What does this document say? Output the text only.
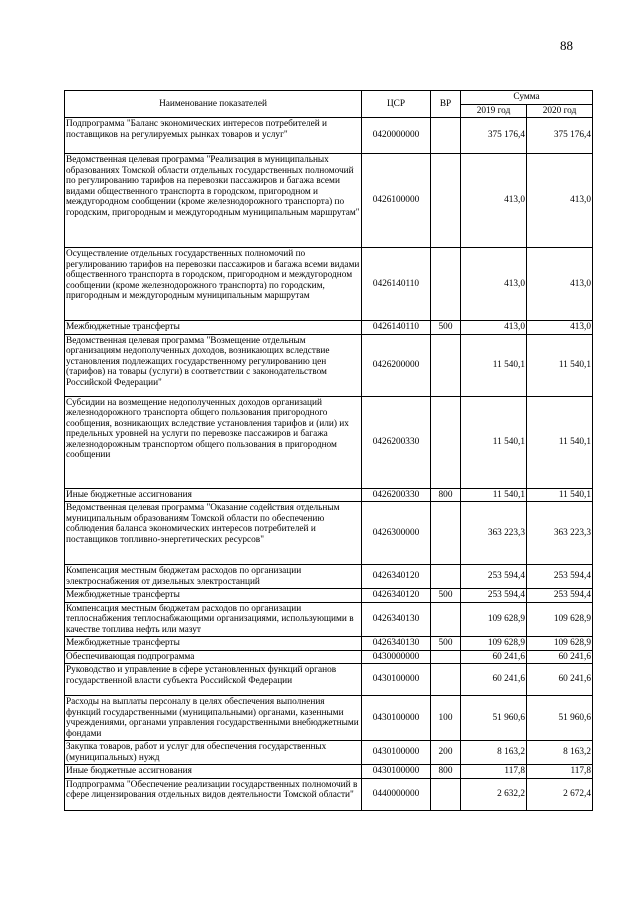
88
Наименование показателей	ЦСР	ВР	Сумма	
			2019 год	2020 год
Подпрограмма "Баланс экономических интересов потребителей и поставщиков на регулируемых рынках товаров и услуг"	0420000000		375 176,4	375 176,4
Ведомственная целевая программа "Реализация в муниципальных образованиях Томской области отдельных государственных полномочий по регулированию тарифов на перевозки пассажиров и багажа всеми видами общественного транспорта в городском, пригородном и междугородном сообщении (кроме железнодорожного транспорта) по городским, пригородным и междугородным муниципальным маршрутам"	0426100000		413,0	413,0
Осуществление отдельных государственных полномочий по регулированию тарифов на перевозки пассажиров и багажа всеми видами общественного транспорта в городском, пригородном и междугородном сообщении (кроме железнодорожного транспорта) по городским, пригородным и междугородным муниципальным маршрутам	0426140110		413,0	413,0
Межбюджетные трансферты	0426140110	500	413,0	413,0
Ведомственная целевая программа "Возмещение отдельным организациям недополученных доходов, возникающих вследствие установления подлежащих государственному регулированию цен (тарифов) на товары (услуги) в соответствии с законодательством Российской Федерации"	0426200000		11 540,1	11 540,1
Субсидии на возмещение недополученных доходов организаций железнодорожного транспорта общего пользования пригородного сообщения, возникающих вследствие установления тарифов и (или) их предельных уровней на услуги по перевозке пассажиров и багажа железнодорожным транспортом общего пользования в пригородном сообщении	0426200330		11 540,1	11 540,1
Иные бюджетные ассигнования	0426200330	800	11 540,1	11 540,1
Ведомственная целевая программа "Оказание содействия отдельным муниципальным образованиям Томской области по обеспечению соблюдения баланса экономических интересов потребителей и поставщиков топливно-энергетических ресурсов"	0426300000		363 223,3	363 223,3
Компенсация местным бюджетам расходов по организации электроснабжения от дизельных электростанций	0426340120		253 594,4	253 594,4
Межбюджетные трансферты	0426340120	500	253 594,4	253 594,4
Компенсация местным бюджетам расходов по организации теплоснабжения теплоснабжающими организациями, использующими в качестве топлива нефть или мазут	0426340130		109 628,9	109 628,9
Межбюджетные трансферты	0426340130	500	109 628,9	109 628,9
Обеспечивающая подпрограмма	0430000000		60 241,6	60 241,6
Руководство и управление в сфере установленных функций органов государственной власти субъекта Российской Федерации	0430100000		60 241,6	60 241,6
Расходы на выплаты персоналу в целях обеспечения выполнения функций государственными (муниципальными) органами, казенными учреждениями, органами управления государственными внебюджетными фондами	0430100000	100	51 960,6	51 960,6
Закупка товаров, работ и услуг для обеспечения государственных (муниципальных) нужд	0430100000	200	8 163,2	8 163,2
Иные бюджетные ассигнования	0430100000	800	117,8	117,8
Подпрограмма "Обеспечение реализации государственных полномочий в сфере лицензирования отдельных видов деятельности Томской области"	0440000000		2 632,2	2 672,4
